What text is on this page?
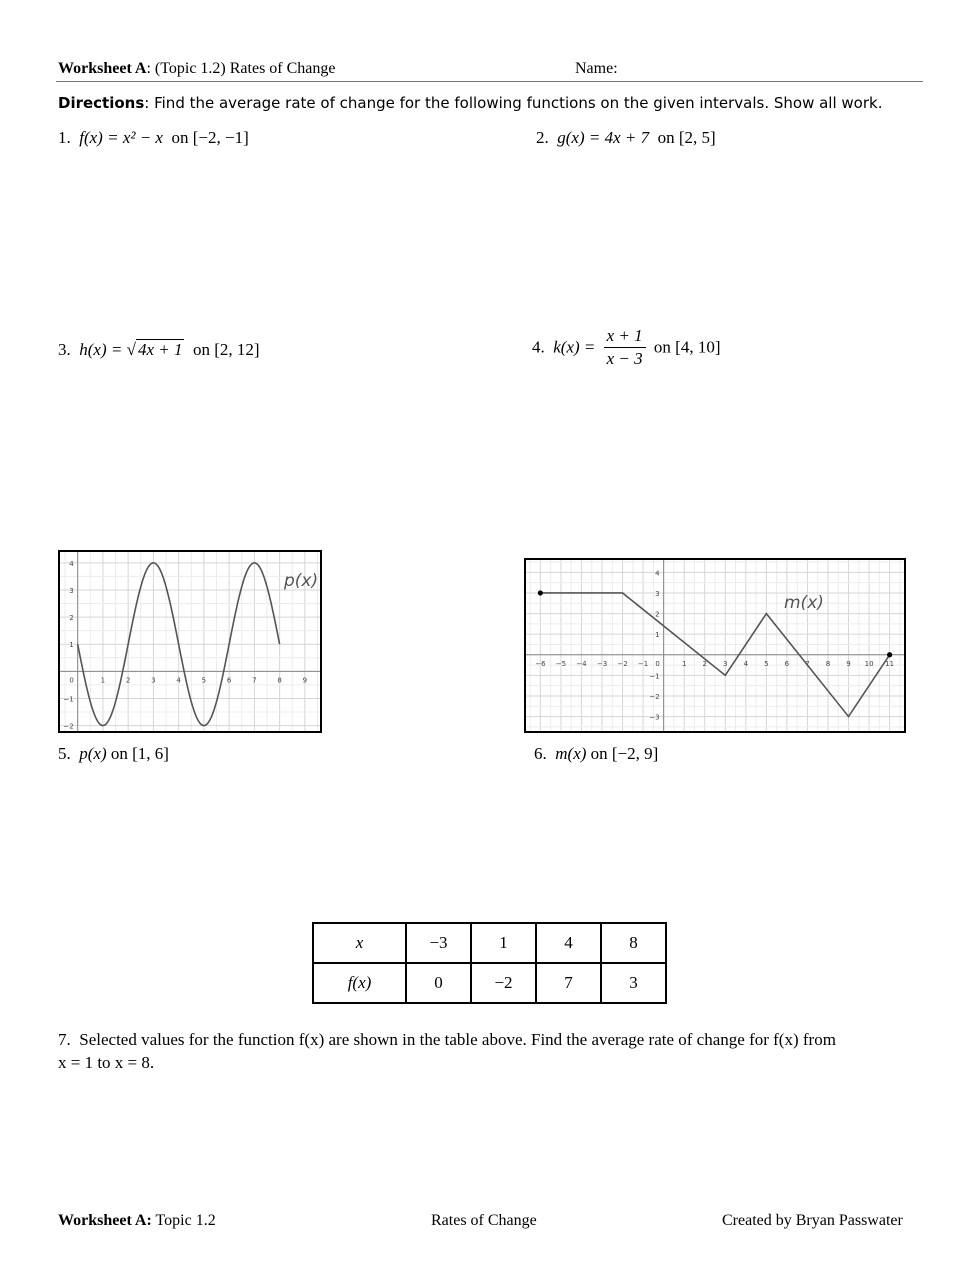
Worksheet A: (Topic 1.2) Rates of Change	Name:
Directions: Find the average rate of change for the following functions on the given intervals. Show all work.
1. f(x) = x² − x on [−2, −1]	2. g(x) = 4x + 7 on [2, 5]
3. h(x) = √ 4x + 1 on [2, 12]	4. $k(x) = \frac{x + 1}{x - 3}$ on [4, 10]
0	1	2	3	4	5	6	7	8	9
4
3
2
1
−1
−2
p(x)
−6 −5 −4 −3 −2 −1 0	1 2 3 4 5 6 7 8 9 10 11
4
3
2
1
−1
−2
−3
m(x)
5. p(x) on [1, 6]	6. m(x) on [−2, 9]
x	−3	1	4	8
f(x)	0	−2	7	3
7. Selected values for the function f(x) are shown in the table above. Find the average rate of change for f(x) from
x = 1 to x = 8.
Worksheet A: Topic 1.2	Rates of Change	Created by Bryan Passwater
